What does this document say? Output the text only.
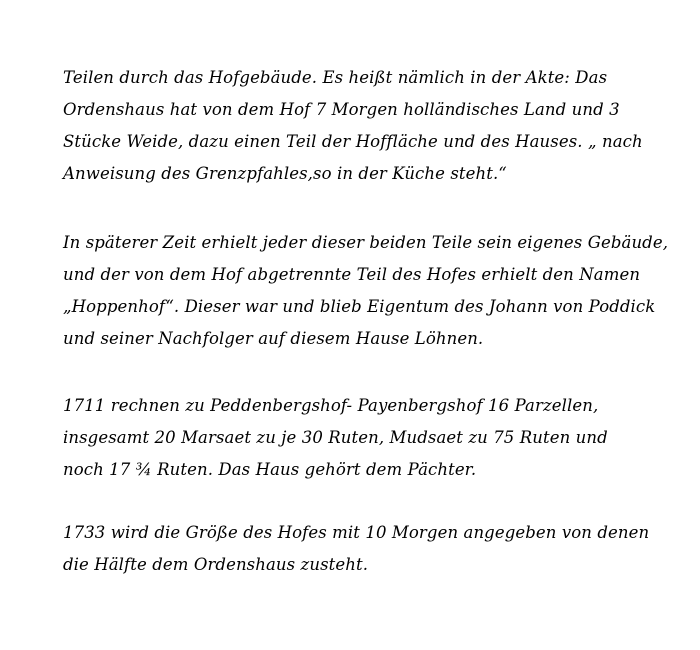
Teilen durch das Hofgebäude. Es heißt nämlich in der Akte: Das
Ordenshaus hat von dem Hof 7 Morgen holländisches Land und 3
Stücke Weide, dazu einen Teil der Hoffläche und des Hauses. „ nach
Anweisung des Grenzpfahles,so in der Küche steht.“
In späterer Zeit erhielt jeder dieser beiden Teile sein eigenes Gebäude,
und der von dem Hof abgetrennte Teil des Hofes erhielt den Namen
„Hoppenhof“. Dieser war und blieb Eigentum des Johann von Poddick
und seiner Nachfolger auf diesem Hause Löhnen.
1711 rechnen zu Peddenbergshof- Payenbergshof 16 Parzellen,
insgesamt 20 Marsaet zu je 30 Ruten, Mudsaet zu 75 Ruten und
noch 17 ¾ Ruten. Das Haus gehört dem Pächter.
1733 wird die Größe des Hofes mit 10 Morgen angegeben von denen
die Hälfte dem Ordenshaus zusteht.
